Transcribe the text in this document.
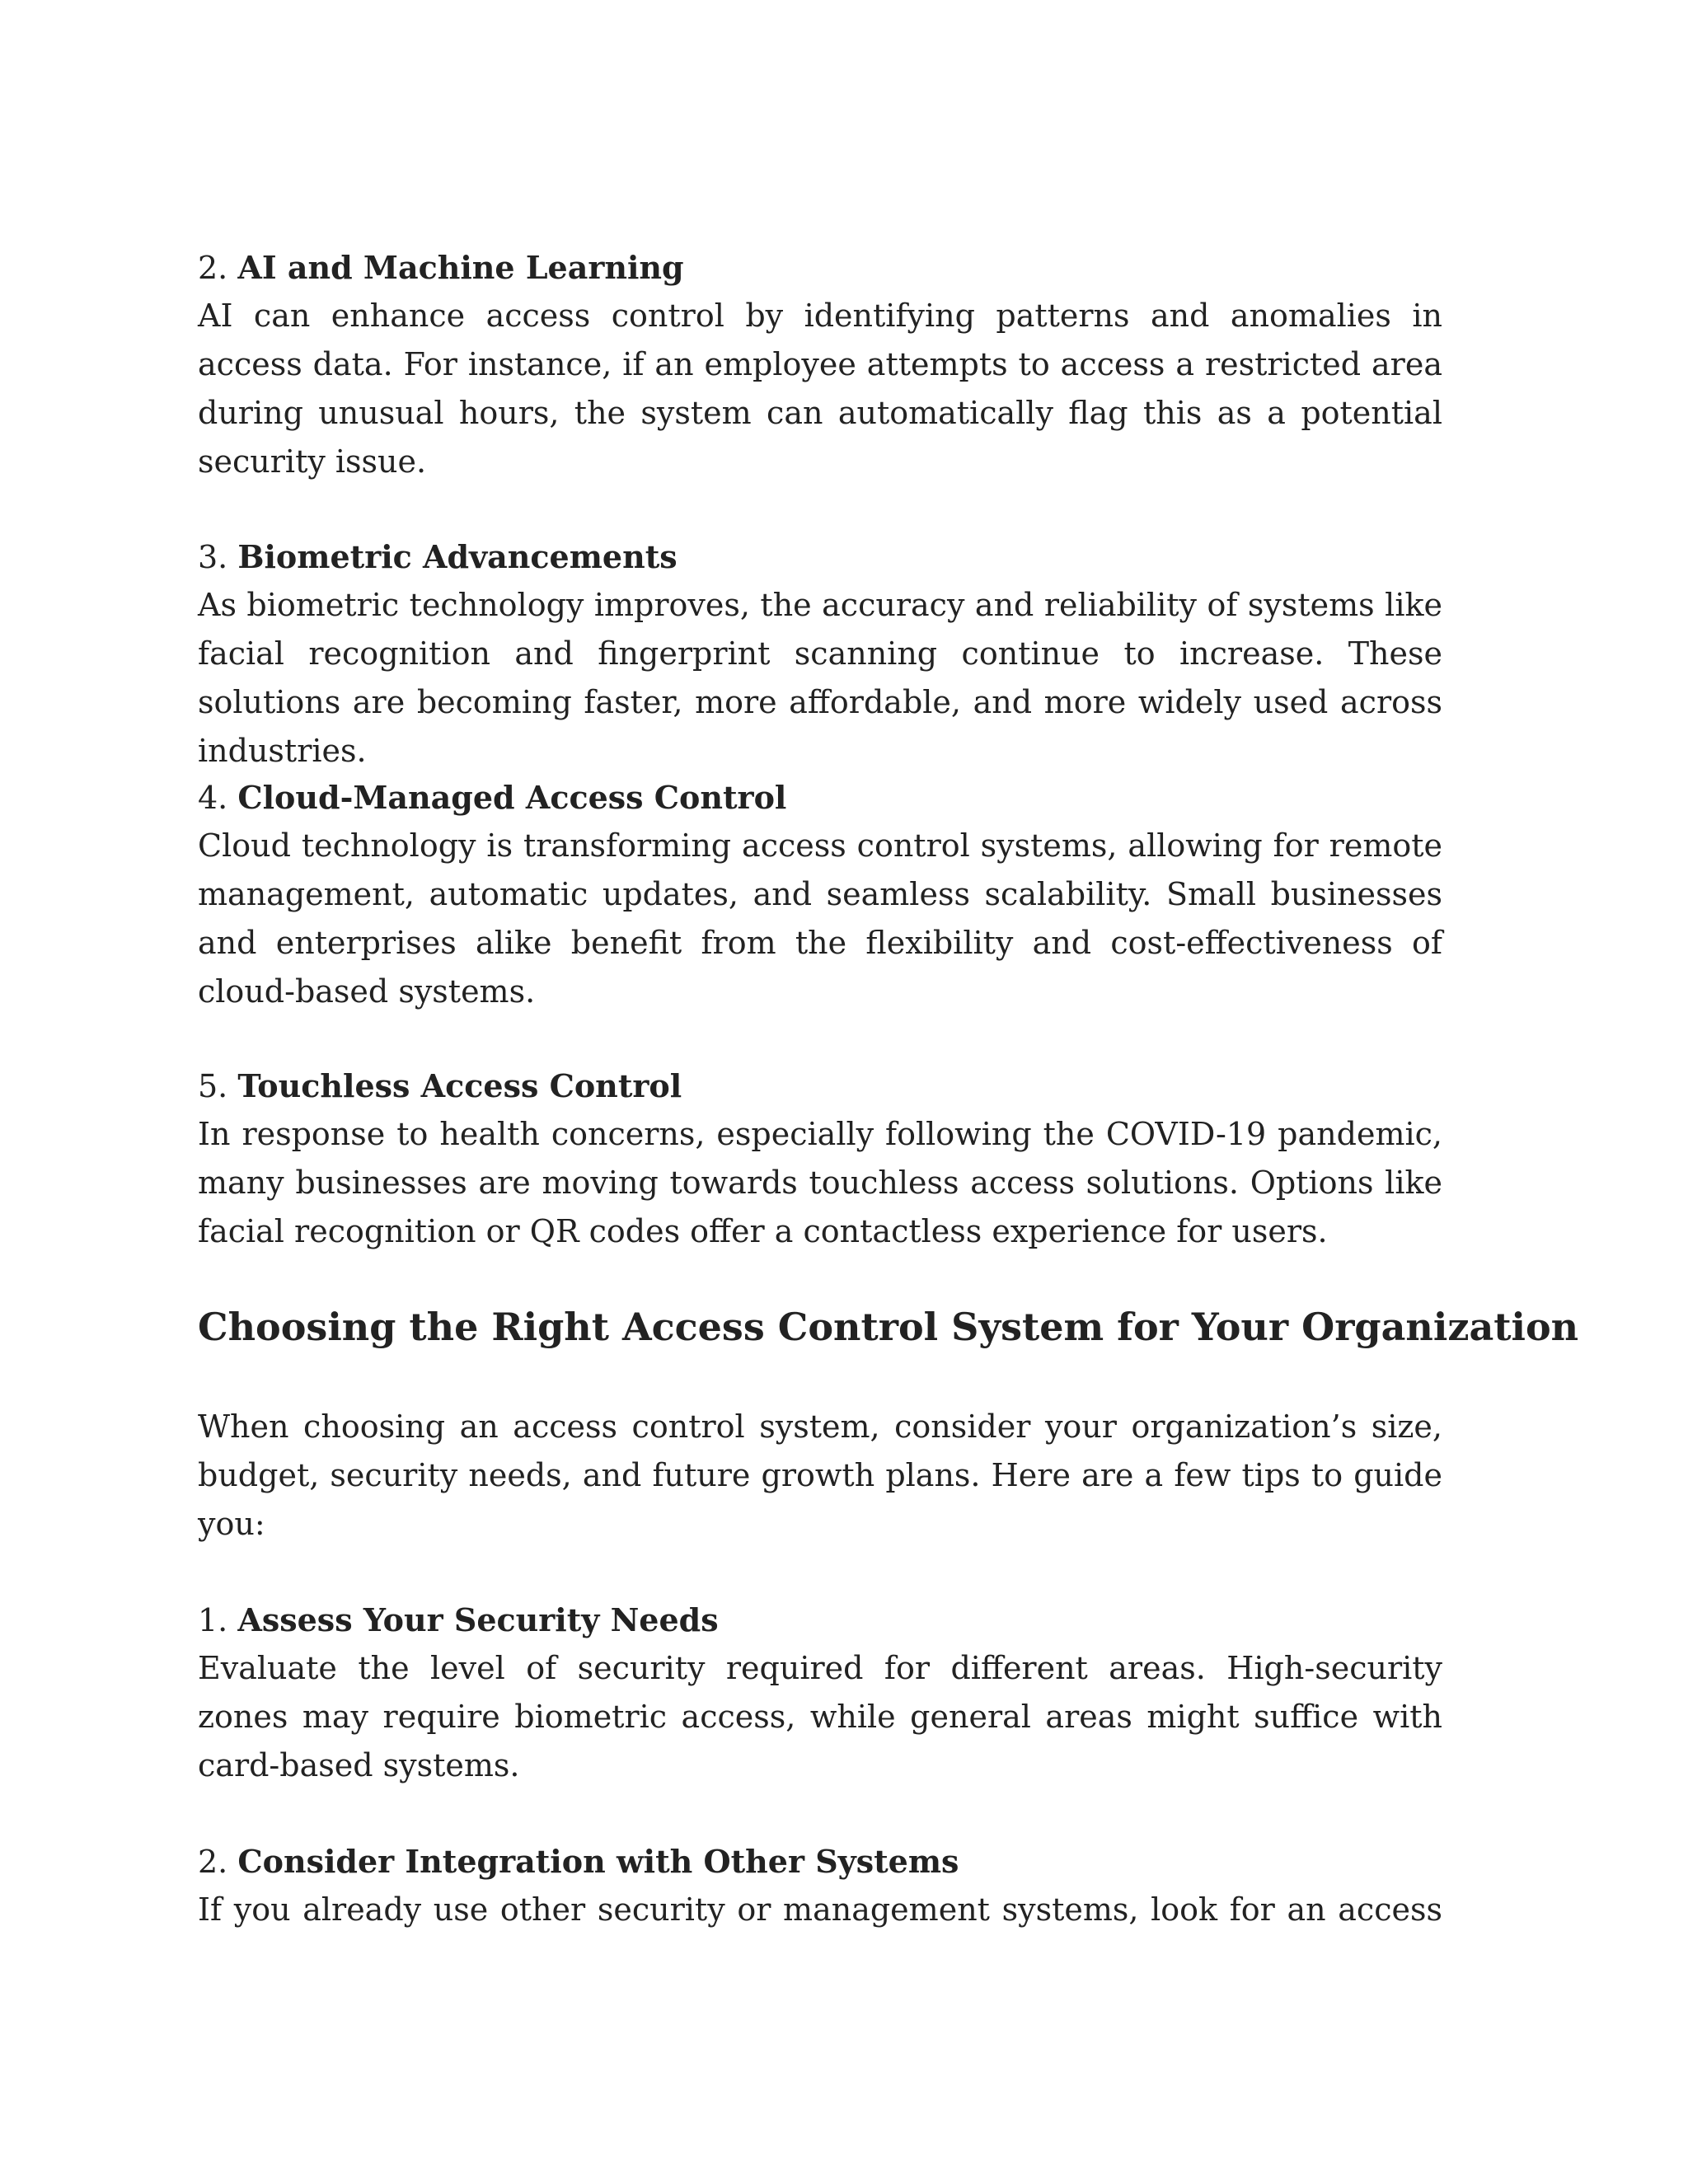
2. AI and Machine Learning
AI can enhance access control by identifying patterns and anomalies in access data. For instance, if an employee attempts to access a restricted area during unusual hours, the system can automatically flag this as a potential security issue.
3. Biometric Advancements
As biometric technology improves, the accuracy and reliability of systems like facial recognition and fingerprint scanning continue to increase. These solutions are becoming faster, more affordable, and more widely used across industries.
4. Cloud-Managed Access Control
Cloud technology is transforming access control systems, allowing for remote management, automatic updates, and seamless scalability. Small businesses and enterprises alike benefit from the flexibility and cost-effectiveness of cloud-based systems.
5. Touchless Access Control
In response to health concerns, especially following the COVID-19 pandemic, many businesses are moving towards touchless access solutions. Options like facial recognition or QR codes offer a contactless experience for users.
Choosing the Right Access Control System for Your Organization
When choosing an access control system, consider your organization’s size, budget, security needs, and future growth plans. Here are a few tips to guide you:
1. Assess Your Security Needs
Evaluate the level of security required for different areas. High-security zones may require biometric access, while general areas might suffice with card-based systems.
2. Consider Integration with Other Systems
If you already use other security or management systems, look for an access
